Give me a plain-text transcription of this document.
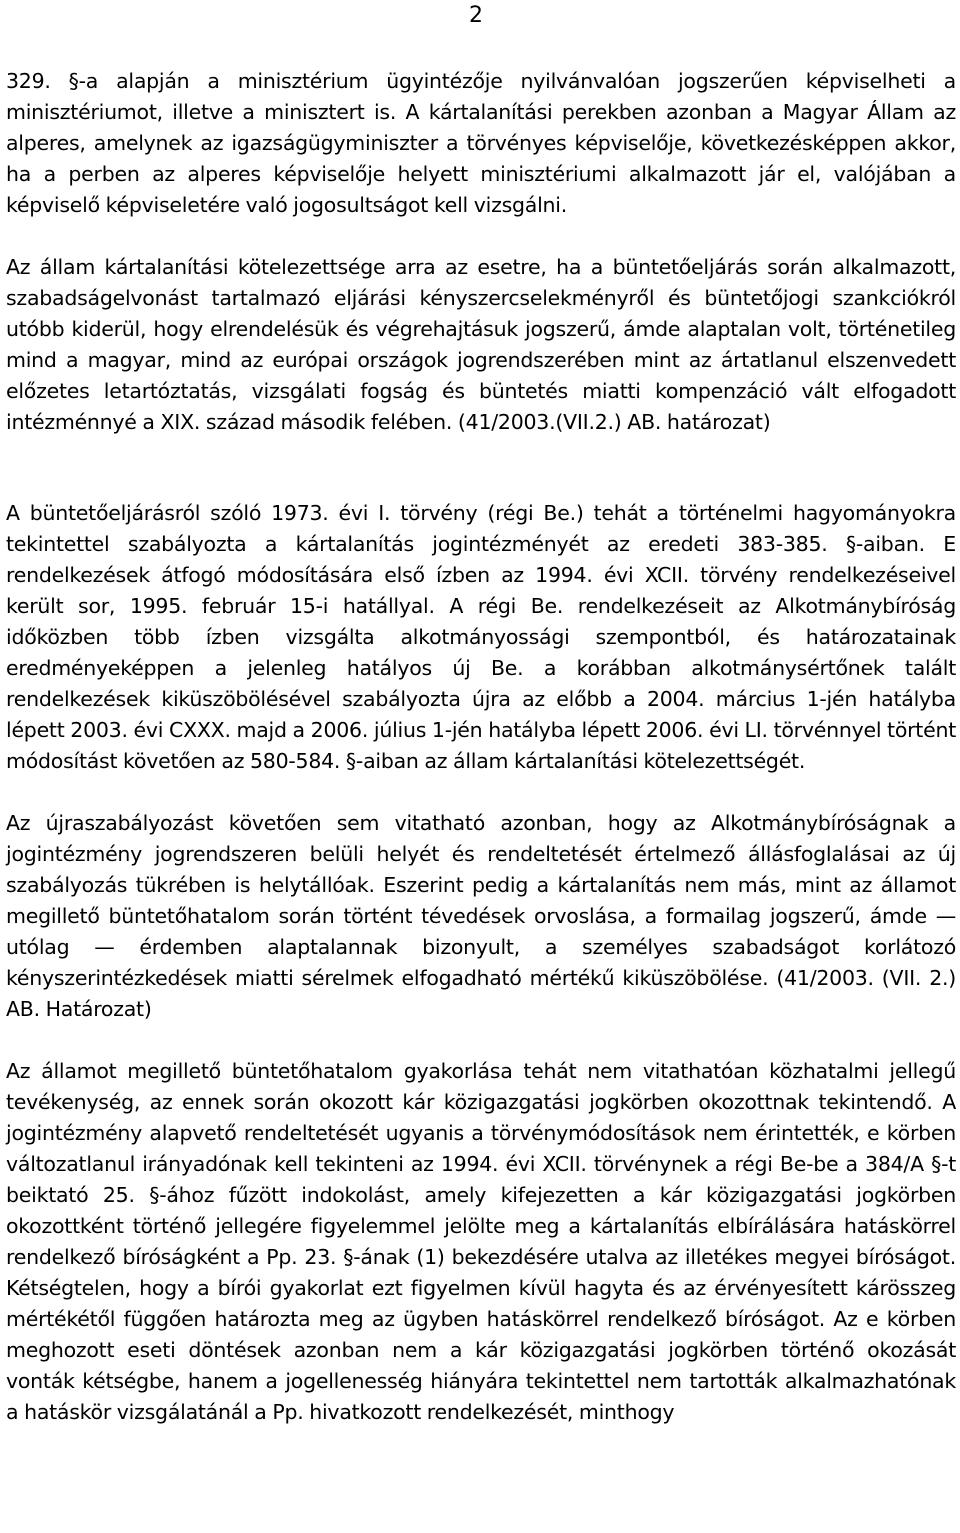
2

329. §-a alapján a minisztérium ügyintézője nyilvánvalóan jogszerűen képviselheti a minisztériumot, illetve a minisztert is. A kártalanítási perekben azonban a Magyar Állam az alperes, amelynek az igazságügyminiszter a törvényes képviselője, következésképpen akkor, ha a perben az alperes képviselője helyett minisztériumi alkalmazott jár el, valójában a képviselő képviseletére való jogosultságot kell vizsgálni.

Az állam kártalanítási kötelezettsége arra az esetre, ha a büntetőeljárás során alkalmazott, szabadságelvonást tartalmazó eljárási kényszercselekményről és büntetőjogi szankciókról utóbb kiderül, hogy elrendelésük és végrehajtásuk jogszerű, ámde alaptalan volt, történetileg mind a magyar, mind az európai országok jogrendszerében mint az ártatlanul elszenvedett előzetes letartóztatás, vizsgálati fogság és büntetés miatti kompenzáció vált elfogadott intézménnyé a XIX. század második felében. (41/2003.(VII.2.) AB. határozat)

A büntetőeljárásról szóló 1973. évi I. törvény (régi Be.) tehát a történelmi hagyományokra tekintettel szabályozta a kártalanítás jogintézményét az eredeti 383-385. §-aiban. E rendelkezések átfogó módosítására első ízben az 1994. évi XCII. törvény rendelkezéseivel került sor, 1995. február 15-i hatállyal. A régi Be. rendelkezéseit az Alkotmánybíróság időközben több ízben vizsgálta alkotmányossági szempontból, és határozatainak eredményeképpen a jelenleg hatályos új Be. a korábban alkotmánysértőnek talált rendelkezések kiküszöbölésével szabályozta újra az előbb a 2004. március 1-jén hatályba lépett 2003. évi CXXX. majd a 2006. július 1-jén hatályba lépett 2006. évi LI. törvénnyel történt módosítást követően az 580-584. §-aiban az állam kártalanítási kötelezettségét.

Az újraszabályozást követően sem vitatható azonban, hogy az Alkotmánybíróságnak a jogintézmény jogrendszeren belüli helyét és rendeltetését értelmező állásfoglalásai az új szabályozás tükrében is helytállóak. Eszerint pedig a kártalanítás nem más, mint az államot megillető büntetőhatalom során történt tévedések orvoslása, a formailag jogszerű, ámde — utólag — érdemben alaptalannak bizonyult, a személyes szabadságot korlátozó kényszerintézkedések miatti sérelmek elfogadható mértékű kiküszöbölése. (41/2003. (VII. 2.) AB. Határozat)

Az államot megillető büntetőhatalom gyakorlása tehát nem vitathatóan közhatalmi jellegű tevékenység, az ennek során okozott kár közigazgatási jogkörben okozottnak tekintendő. A jogintézmény alapvető rendeltetését ugyanis a törvénymódosítások nem érintették, e körben változatlanul irányadónak kell tekinteni az 1994. évi XCII. törvénynek a régi Be-be a 384/A §-t beiktató 25. §-ához fűzött indokolást, amely kifejezetten a kár közigazgatási jogkörben okozottként történő jellegére figyelemmel jelölte meg a kártalanítás elbírálására hatáskörrel rendelkező bíróságként a Pp. 23. §-ának (1) bekezdésére utalva az illetékes megyei bíróságot. Kétségtelen, hogy a bírói gyakorlat ezt figyelmen kívül hagyta és az érvényesített kárösszeg mértékétől függően határozta meg az ügyben hatáskörrel rendelkező bíróságot. Az e körben meghozott eseti döntések azonban nem a kár közigazgatási jogkörben történő okozását vonták kétségbe, hanem a jogellenesség hiányára tekintettel nem tartották alkalmazhatónak a hatáskör vizsgálatánál a Pp. hivatkozott rendelkezését, minthogy
